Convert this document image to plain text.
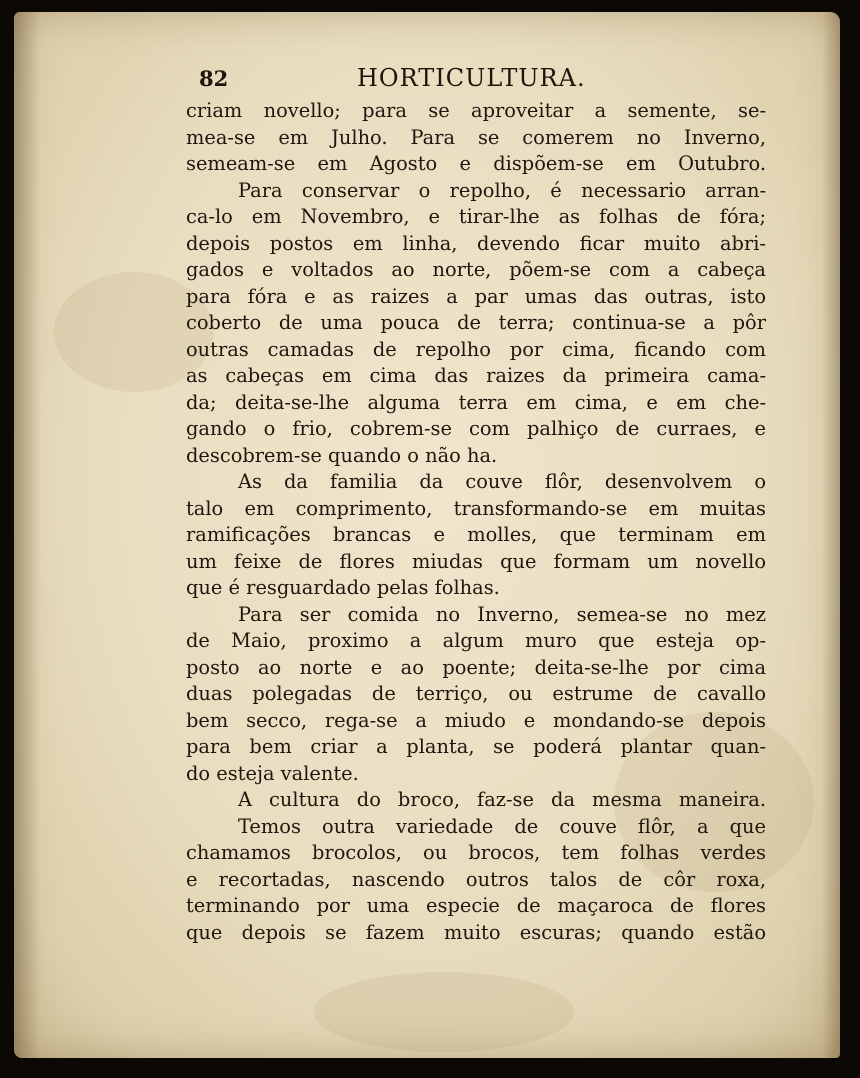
82	HORTICULTURA.
criam novello; para se aproveitar a semente, se-
mea-se em Julho. Para se comerem no Inverno,
semeam-se em Agosto e dispõem-se em Outubro.
Para conservar o repolho, é necessario arran-
ca-lo em Novembro, e tirar-lhe as folhas de fóra;
depois postos em linha, devendo ficar muito abri-
gados e voltados ao norte, põem-se com a cabeça
para fóra e as raizes a par umas das outras, isto
coberto de uma pouca de terra; continua-se a pôr
outras camadas de repolho por cima, ficando com
as cabeças em cima das raizes da primeira cama-
da; deita-se-lhe alguma terra em cima, e em che-
gando o frio, cobrem-se com palhiço de curraes, e
descobrem-se quando o não ha.
As da familia da couve flôr, desenvolvem o
talo em comprimento, transformando-se em muitas
ramificações brancas e molles, que terminam em
um feixe de flores miudas que formam um novello
que é resguardado pelas folhas.
Para ser comida no Inverno, semea-se no mez
de Maio, proximo a algum muro que esteja op-
posto ao norte e ao poente; deita-se-lhe por cima
duas polegadas de terriço, ou estrume de cavallo
bem secco, rega-se a miudo e mondando-se depois
para bem criar a planta, se poderá plantar quan-
do esteja valente.
A cultura do broco, faz-se da mesma maneira.
Temos outra variedade de couve flôr, a que
chamamos brocolos, ou brocos, tem folhas verdes
e recortadas, nascendo outros talos de côr roxa,
terminando por uma especie de maçaroca de flores
que depois se fazem muito escuras; quando estão
